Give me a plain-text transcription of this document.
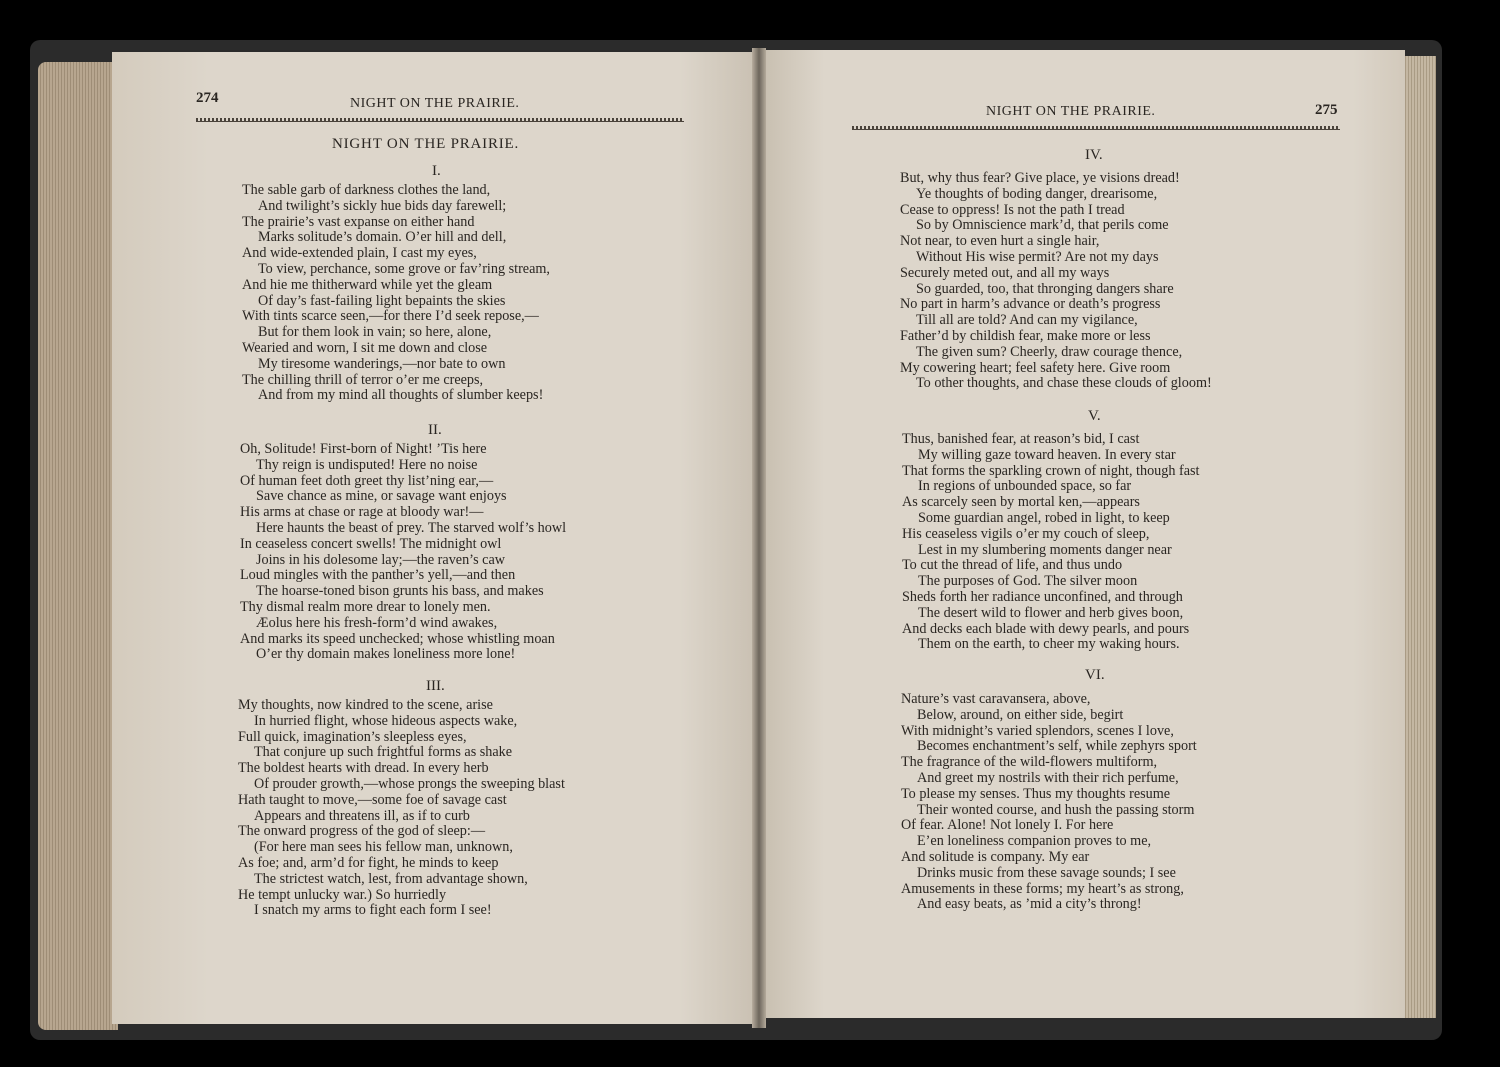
274	NIGHT ON THE PRAIRIE.
NIGHT ON THE PRAIRIE.
I.
The sable garb of darkness clothes the land,
And twilight’s sickly hue bids day farewell;
The prairie’s vast expanse on either hand
Marks solitude’s domain. O’er hill and dell,
And wide-extended plain, I cast my eyes,
To view, perchance, some grove or fav’ring stream,
And hie me thitherward while yet the gleam
Of day’s fast-failing light bepaints the skies
With tints scarce seen,—for there I’d seek repose,—
But for them look in vain; so here, alone,
Wearied and worn, I sit me down and close
My tiresome wanderings,—nor bate to own
The chilling thrill of terror o’er me creeps,
And from my mind all thoughts of slumber keeps!
II.
Oh, Solitude! First-born of Night! ’Tis here
Thy reign is undisputed! Here no noise
Of human feet doth greet thy list’ning ear,—
Save chance as mine, or savage want enjoys
His arms at chase or rage at bloody war!—
Here haunts the beast of prey. The starved wolf’s howl
In ceaseless concert swells! The midnight owl
Joins in his dolesome lay;—the raven’s caw
Loud mingles with the panther’s yell,—and then
The hoarse-toned bison grunts his bass, and makes
Thy dismal realm more drear to lonely men.
Æolus here his fresh-form’d wind awakes,
And marks its speed unchecked; whose whistling moan
O’er thy domain makes loneliness more lone!
III.
My thoughts, now kindred to the scene, arise
In hurried flight, whose hideous aspects wake,
Full quick, imagination’s sleepless eyes,
That conjure up such frightful forms as shake
The boldest hearts with dread. In every herb
Of prouder growth,—whose prongs the sweeping blast
Hath taught to move,—some foe of savage cast
Appears and threatens ill, as if to curb
The onward progress of the god of sleep:—
(For here man sees his fellow man, unknown,
As foe; and, arm’d for fight, he minds to keep
The strictest watch, lest, from advantage shown,
He tempt unlucky war.) So hurriedly
I snatch my arms to fight each form I see!
NIGHT ON THE PRAIRIE.	275
IV.
But, why thus fear? Give place, ye visions dread!
Ye thoughts of boding danger, drearisome,
Cease to oppress! Is not the path I tread
So by Omniscience mark’d, that perils come
Not near, to even hurt a single hair,
Without His wise permit? Are not my days
Securely meted out, and all my ways
So guarded, too, that thronging dangers share
No part in harm’s advance or death’s progress
Till all are told? And can my vigilance,
Father’d by childish fear, make more or less
The given sum? Cheerly, draw courage thence,
My cowering heart; feel safety here. Give room
To other thoughts, and chase these clouds of gloom!
V.
Thus, banished fear, at reason’s bid, I cast
My willing gaze toward heaven. In every star
That forms the sparkling crown of night, though fast
In regions of unbounded space, so far
As scarcely seen by mortal ken,—appears
Some guardian angel, robed in light, to keep
His ceaseless vigils o’er my couch of sleep,
Lest in my slumbering moments danger near
To cut the thread of life, and thus undo
The purposes of God. The silver moon
Sheds forth her radiance unconfined, and through
The desert wild to flower and herb gives boon,
And decks each blade with dewy pearls, and pours
Them on the earth, to cheer my waking hours.
VI.
Nature’s vast caravansera, above,
Below, around, on either side, begirt
With midnight’s varied splendors, scenes I love,
Becomes enchantment’s self, while zephyrs sport
The fragrance of the wild-flowers multiform,
And greet my nostrils with their rich perfume,
To please my senses. Thus my thoughts resume
Their wonted course, and hush the passing storm
Of fear. Alone! Not lonely I. For here
E’en loneliness companion proves to me,
And solitude is company. My ear
Drinks music from these savage sounds; I see
Amusements in these forms; my heart’s as strong,
And easy beats, as ’mid a city’s throng!
